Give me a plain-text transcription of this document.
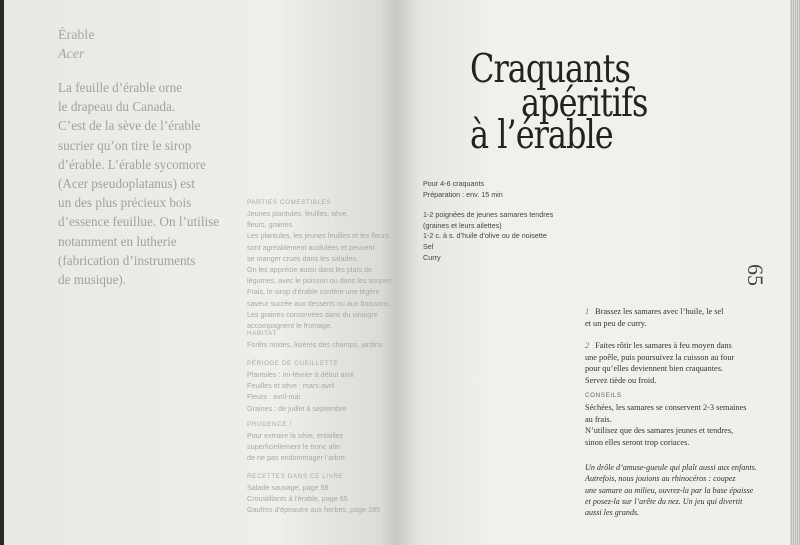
Érable
Acer

La feuille d’érable orne
le drapeau du Canada.
C’est de la sève de l’érable
sucrier qu’on tire le sirop
d’érable. L’érable sycomore
(Acer pseudoplatanus) est
un des plus précieux bois
d’essence feuillue. On l’utilise
notamment en lutherie
(fabrication d’instruments
de musique).

PARTIES COMESTIBLES
Jeunes plantules, feuilles, sève,
fleurs, graines
Les plantules, les jeunes feuilles et les fleurs
sont agréablement acidulées et peuvent
se manger crues dans les salades.
On les apprécie aussi dans les plats de
légumes, avec le poisson ou dans les soupes.
Frais, le sirop d’érable confère une légère
saveur sucrée aux desserts ou aux boissons.
Les graines conservées dans du vinaigre
accompagnent le fromage.
HABITAT
Forêts mixtes, lisières des champs, jardins
PÉRIODE DE CUEILLETTE
Plantules : mi-février à début avril
Feuilles et sève : mars-avril
Fleurs : avril-mai
Graines : de juillet à septembre
PRUDENCE !
Pour extraire la sève, entaillez
superficiellement le tronc afin
de ne pas endommager l’arbre.
RECETTES DANS CE LIVRE
Salade sauvage, page 58
Croustillants à l’érable, page 65
Gaufres d’épeautre aux herbes, page 285
Craquants
apéritifs
à l’érable
Pour 4-6 craquants
Préparation : env. 15 min
1-2 poignées de jeunes samares tendres
(graines et leurs ailettes)
1-2 c. à s. d’huile d’olive ou de noisette
Sel
Curry
65
1 Brassez les samares avec l’huile, le sel
et un peu de curry.
2 Faites rôtir les samares à feu moyen dans
une poêle, puis poursuivez la cuisson au four
pour qu’elles deviennent bien craquantes.
Servez tiède ou froid.
CONSEILS
Séchées, les samares se conservent 2-3 semaines
au frais.
N’utilisez que des samares jeunes et tendres,
sinon elles seront trop coriaces.
Un drôle d’amuse-gueule qui plaît aussi aux enfants.
Autrefois, nous jouions au rhinocéros : coupez
une samare au milieu, ouvrez-la par la base épaisse
et posez-la sur l’arête du nez. Un jeu qui divertit
aussi les grands.
